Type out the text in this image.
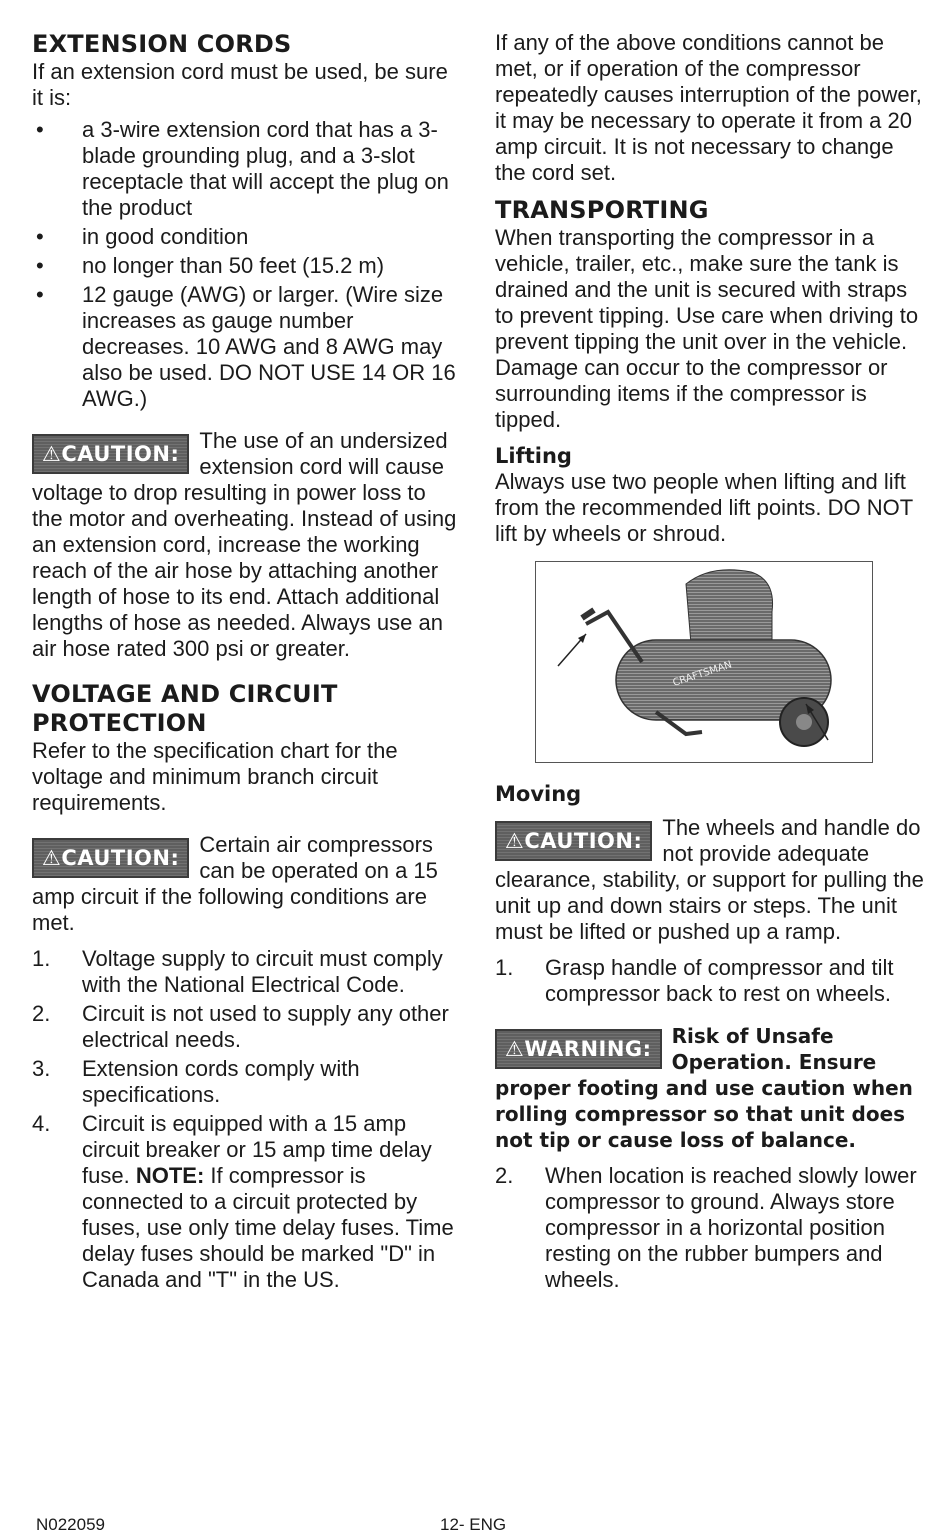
EXTENSION CORDS

If an extension cord must be used, be sure it is:

• a 3-wire extension cord that has a 3-blade grounding plug, and a 3-slot receptacle that will accept the plug on the product
• in good condition
• no longer than 50 feet (15.2 m)
• 12 gauge (AWG) or larger. (Wire size increases as gauge number decreases. 10 AWG and 8 AWG may also be used. DO NOT USE 14 OR 16 AWG.)
⚠CAUTION:
The use of an undersized extension cord will cause voltage to drop resulting in power loss to the motor and overheating. Instead of using an extension cord, increase the working reach of the air hose by attaching another length of hose to its end. Attach additional lengths of hose as needed. Always use an air hose rated 300 psi or greater.
VOLTAGE AND CIRCUIT PROTECTION

Refer to the specification chart for the voltage and minimum branch circuit requirements.

⚠CAUTION:
Certain air compressors can be operated on a 15 amp circuit if the following conditions are met.
1. Voltage supply to circuit must comply with the National Electrical Code.
2. Circuit is not used to supply any other electrical needs.
3. Extension cords comply with specifications.
4. Circuit is equipped with a 15 amp circuit breaker or 15 amp time delay fuse. NOTE: If compressor is connected to a circuit protected by fuses, use only time delay fuses. Time delay fuses should be marked "D" in Canada and "T" in the US.

If any of the above conditions cannot be met, or if operation of the compressor repeatedly causes interruption of the power, it may be necessary to operate it from a 20 amp circuit. It is not necessary to change the cord set.

TRANSPORTING

When transporting the compressor in a vehicle, trailer, etc., make sure the tank is drained and the unit is secured with straps to prevent tipping. Use care when driving to prevent tipping the unit over in the vehicle. Damage can occur to the compressor or surrounding items if the compressor is tipped.

Lifting

Always use two people when lifting and lift from the recommended lift points. DO NOT lift by wheels or shroud.

CRAFTSMAN
Moving
⚠CAUTION:
The wheels and handle do not provide adequate clearance, stability, or support for pulling the unit up and down stairs or steps. The unit must be lifted or pushed up a ramp.
1. Grasp handle of compressor and tilt compressor back to rest on wheels.
⚠WARNING:
Risk of Unsafe Operation. Ensure proper footing and use caution when rolling compressor so that unit does not tip or cause loss of balance.
2. When location is reached slowly lower compressor to ground. Always store compressor in a horizontal position resting on the rubber bumpers and wheels.
N022059	12- ENG
